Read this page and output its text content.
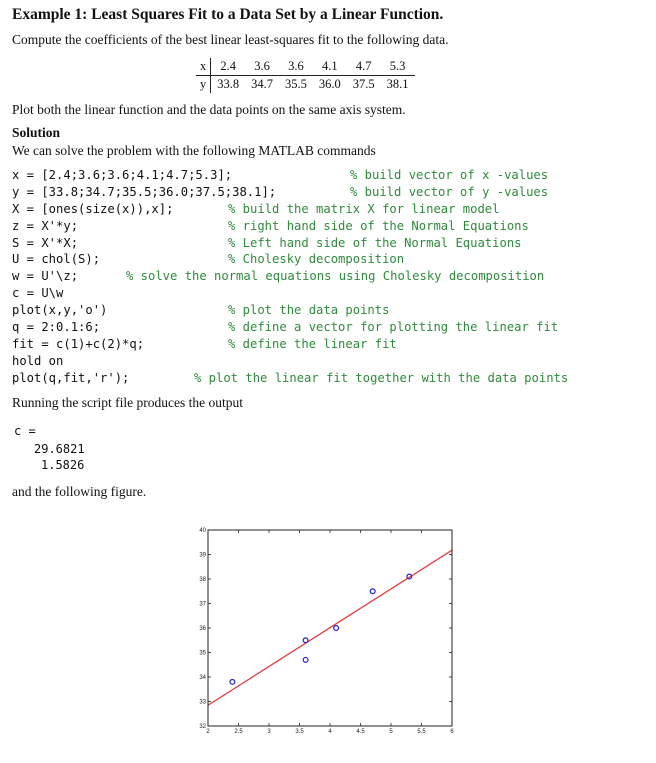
Example 1: Least Squares Fit to a Data Set by a Linear Function.
Compute the coefficients of the best linear least-squares fit to the following data.
x	2.4	3.6	3.6	4.1	4.7	5.3
y	33.8	34.7	35.5	36.0	37.5	38.1
Plot both the linear function and the data points on the same axis system.
Solution
We can solve the problem with the following MATLAB commands
x = [2.4;3.6;3.6;4.1;4.7;5.3];	% build vector of x -values
y = [33.8;34.7;35.5;36.0;37.5;38.1];	% build vector of y -values
X = [ones(size(x)),x];	% build the matrix X for linear model
z = X'*y;	% right hand side of the Normal Equations
S = X'*X;	% Left hand side of the Normal Equations
U = chol(S);	% Cholesky decomposition
w = U'\z;	% solve the normal equations using Cholesky decomposition
c = U\w
plot(x,y,'o')	% plot the data points
q = 2:0.1:6;	% define a vector for plotting the linear fit
fit = c(1)+c(2)*q;	% define the linear fit
hold on
plot(q,fit,'r');	% plot the linear fit together with the data points
Running the script file produces the output
c =
29.6821
1.5826
and the following figure.
2	2.5	3	3.5	4	4.5	5	5.5	6
32
33
34
35
36
37
38
39
40
